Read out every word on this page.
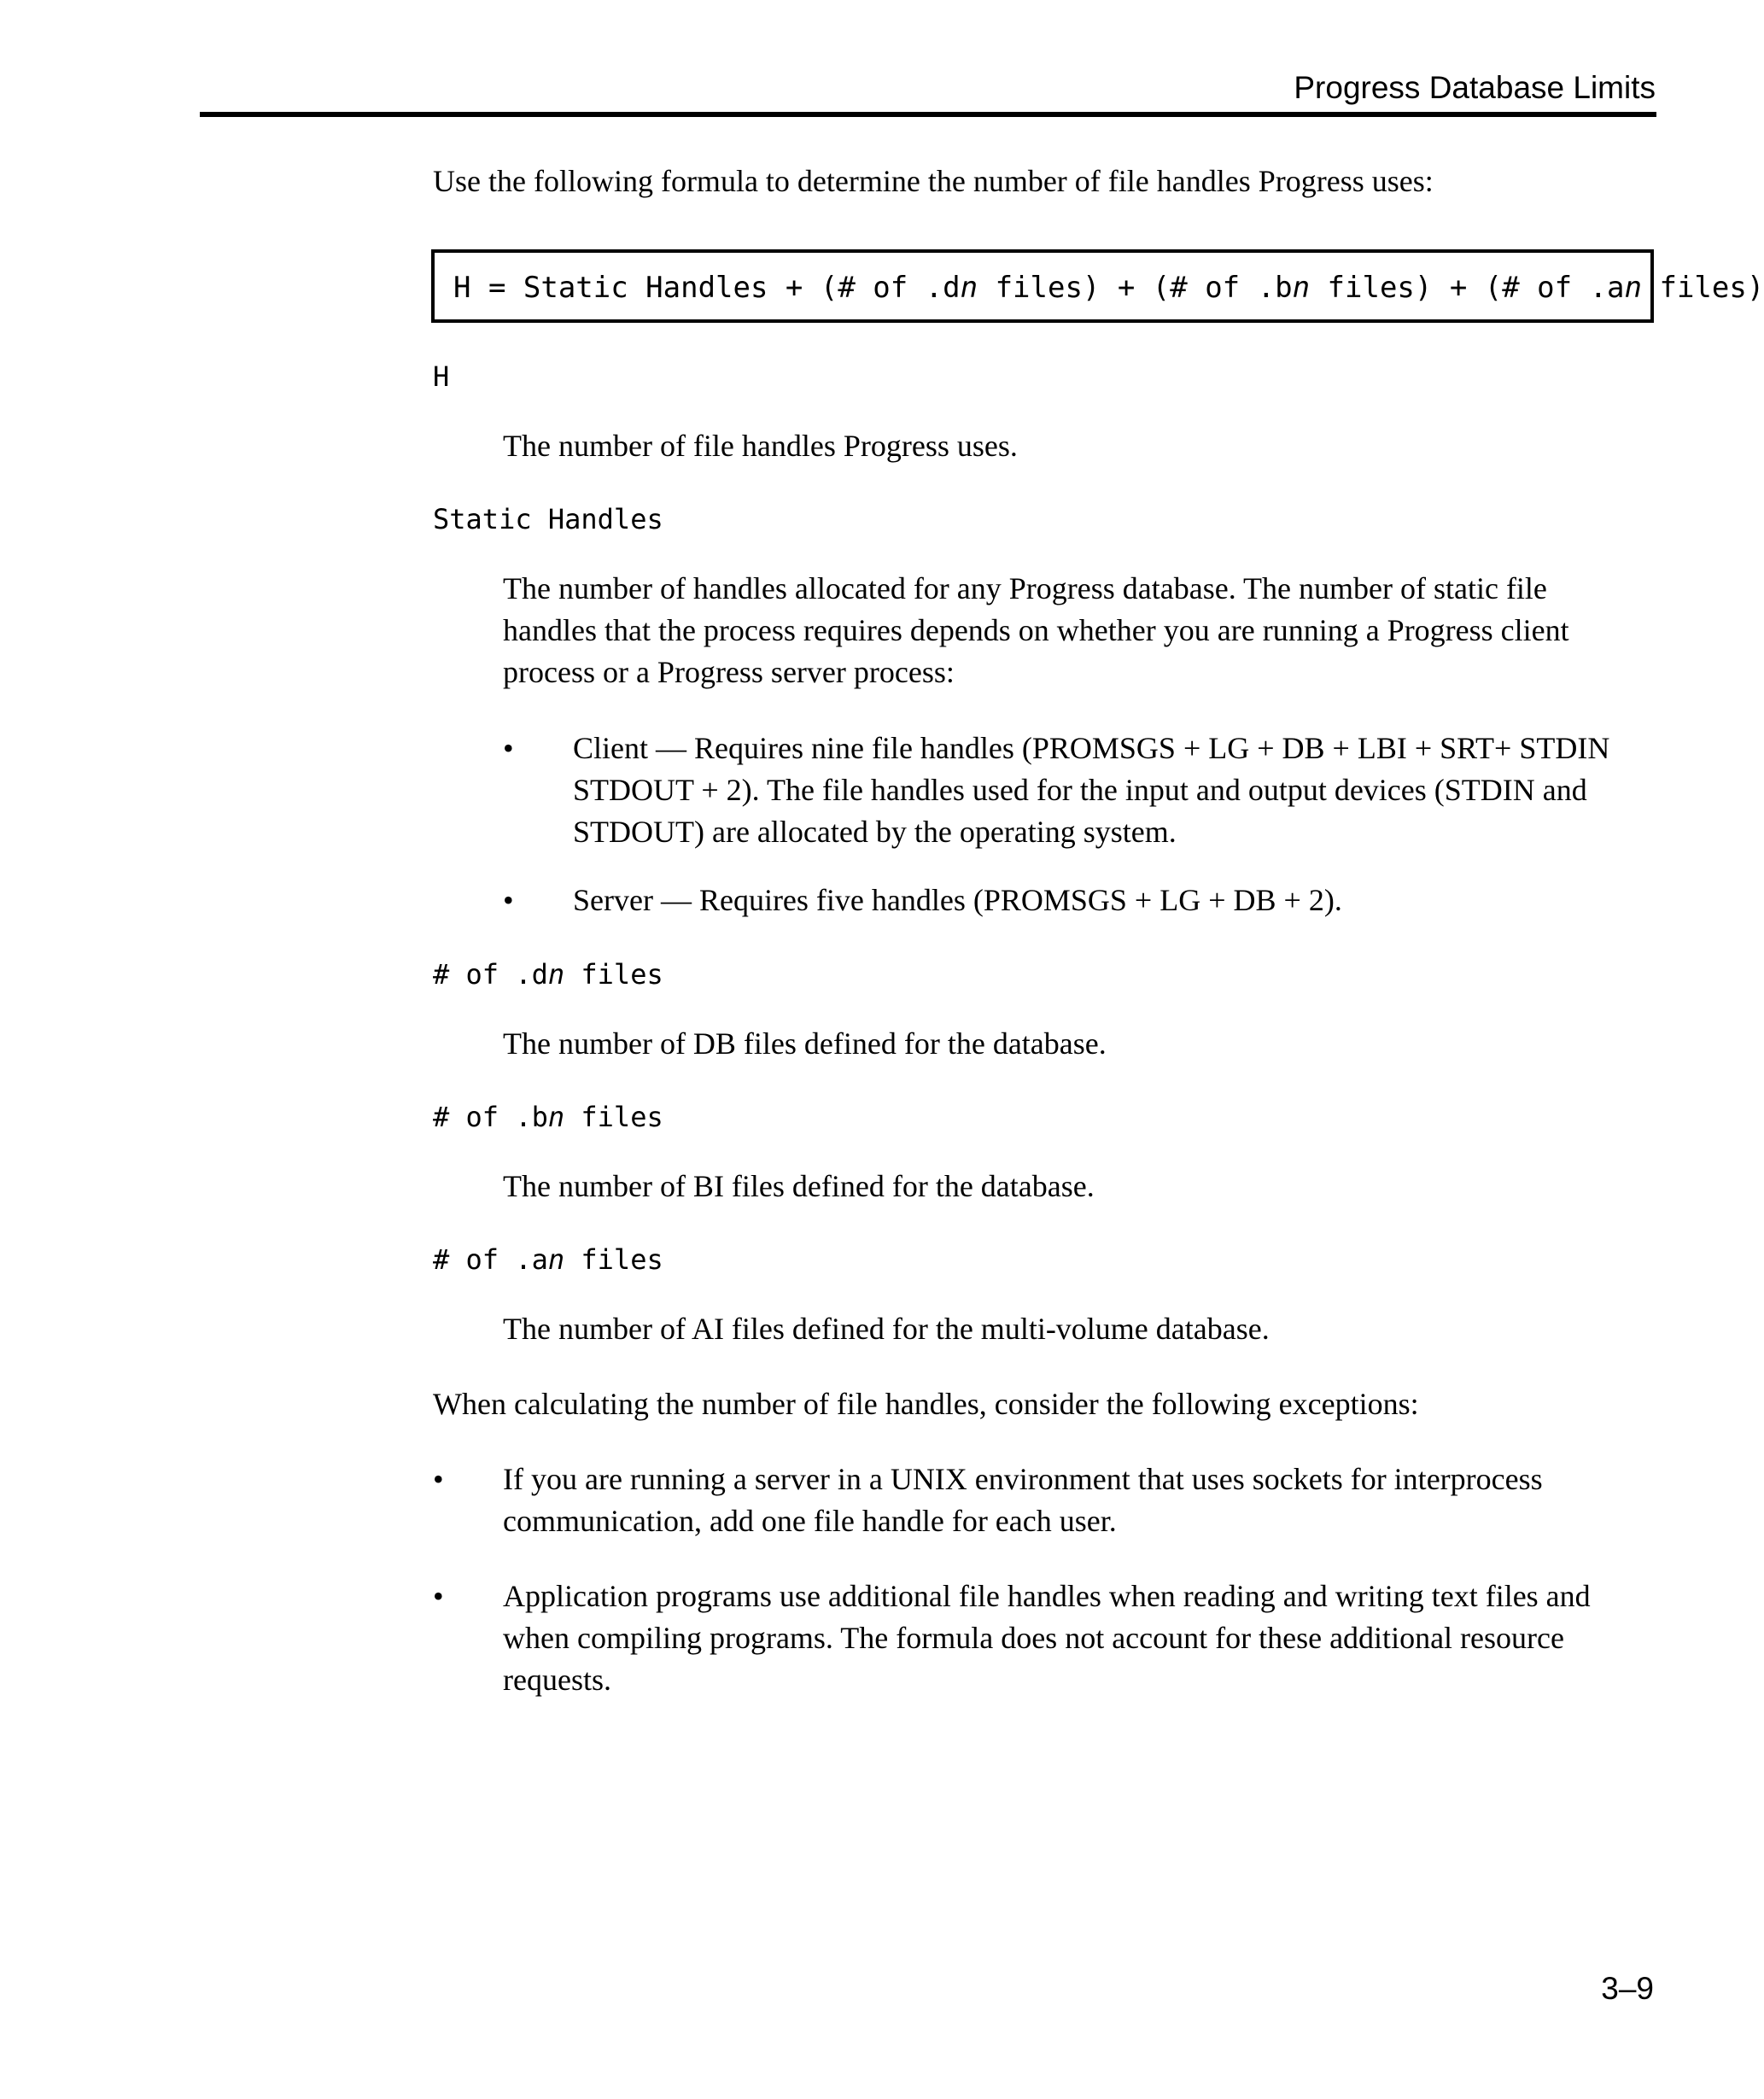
Progress Database Limits
Use the following formula to determine the number of file handles Progress uses:
H = Static Handles + (# of .dn files) + (# of .bn files) + (# of .an files)
H
The number of file handles Progress uses.
Static Handles
The number of handles allocated for any Progress database. The number of static file
handles that the process requires depends on whether you are running a Progress client
process or a Progress server process:
• Client — Requires nine file handles (PROMSGS + LG + DB + LBI + SRT+ STDIN
STDOUT + 2). The file handles used for the input and output devices (STDIN and
STDOUT) are allocated by the operating system.
• Server — Requires five handles (PROMSGS + LG + DB + 2).
# of .dn files
The number of DB files defined for the database.
# of .bn files
The number of BI files defined for the database.
# of .an files
The number of AI files defined for the multi-volume database.
When calculating the number of file handles, consider the following exceptions:
• If you are running a server in a UNIX environment that uses sockets for interprocess
communication, add one file handle for each user.
• Application programs use additional file handles when reading and writing text files and
when compiling programs. The formula does not account for these additional resource
requests.
3–9
